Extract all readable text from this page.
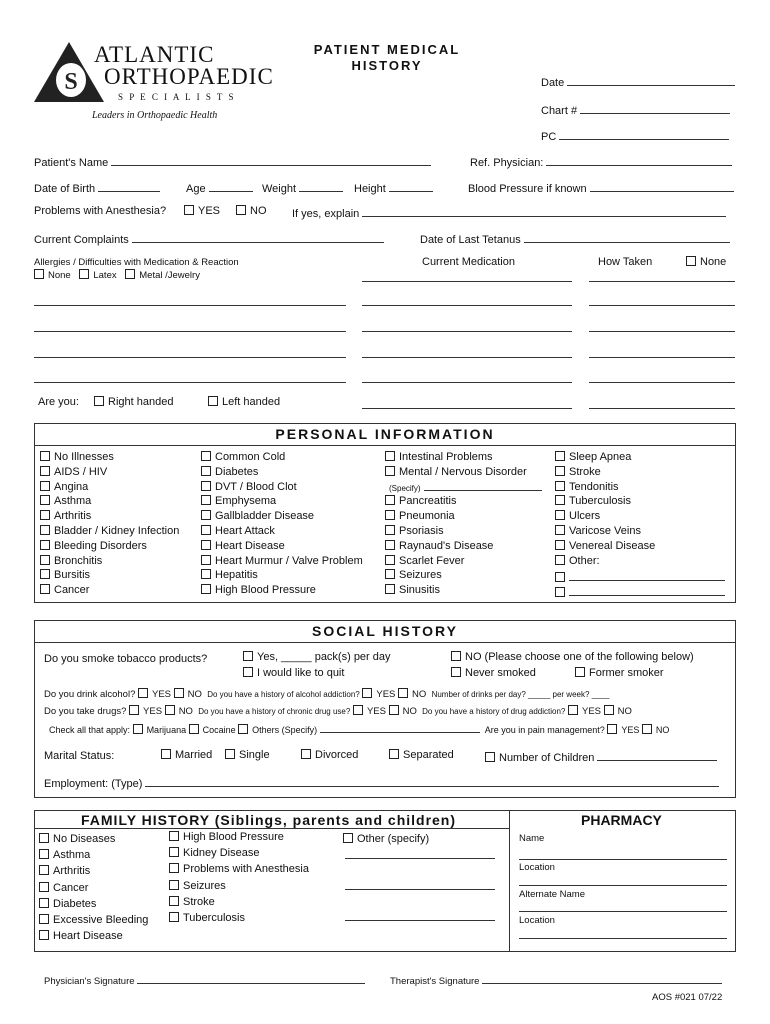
S
ATLANTIC
ORTHOPAEDIC
S P E C I A L I S T S
Leaders in Orthopaedic Health
PATIENT MEDICAL
HISTORY
Date
Chart #
PC
Patient's Name	Ref. Physician:
Date of Birth	Age	Weight	Height	Blood Pressure if known
Problems with Anesthesia?	YES	NO If yes, explain
Current Complaints	Date of Last Tetanus
Allergies / Difficulties with Medication & Reaction
None Latex Metal /Jewelry
Current Medication	How Taken	None
Are you:	Right handed	Left handed
PERSONAL INFORMATION
No Illnesses
AIDS / HIV
Angina
Asthma
Arthritis
Bladder / Kidney Infection
Bleeding Disorders
Bronchitis
Bursitis
Cancer
Common Cold
Diabetes
DVT / Blood Clot
Emphysema
Gallbladder Disease
Heart Attack
Heart Disease
Heart Murmur / Valve Problem
Hepatitis
High Blood Pressure
Intestinal Problems
Mental / Nervous Disorder
(Specify)
Pancreatitis
Pneumonia
Psoriasis
Raynaud's Disease
Scarlet Fever
Seizures
Sinusitis
Sleep Apnea
Stroke
Tendonitis
Tuberculosis
Ulcers
Varicose Veins
Venereal Disease
Other:
SOCIAL HISTORY
Do you smoke tobacco products?	Yes, _____ pack(s) per day
I would like to quit
NO (Please choose one of the following below)
Never smoked	Former smoker
Do you drink alcohol? YES NO Do you have a history of alcohol addiction? YES NO Number of drinks per day? _____ per week? ____
Do you take drugs? YES NO Do you have a history of chronic drug use? YES NO Do you have a history of drug addiction? YES NO
Check all that apply: Marijuana Cocaine Others (Specify)	Are you in pain management? YES NO
Marital Status:	Married	Single	Divorced	Separated	Number of Children
Employment: (Type)
FAMILY HISTORY (Siblings, parents and children)
Other (specify)
PHARMACY
Name
Location
Alternate Name
Location
No Diseases
Asthma
Arthritis
Cancer
Diabetes
Excessive Bleeding
Heart Disease
High Blood Pressure
Kidney Disease
Problems with Anesthesia
Seizures
Stroke
Tuberculosis
Physician's Signature	Therapist's Signature
AOS #021 07/22
